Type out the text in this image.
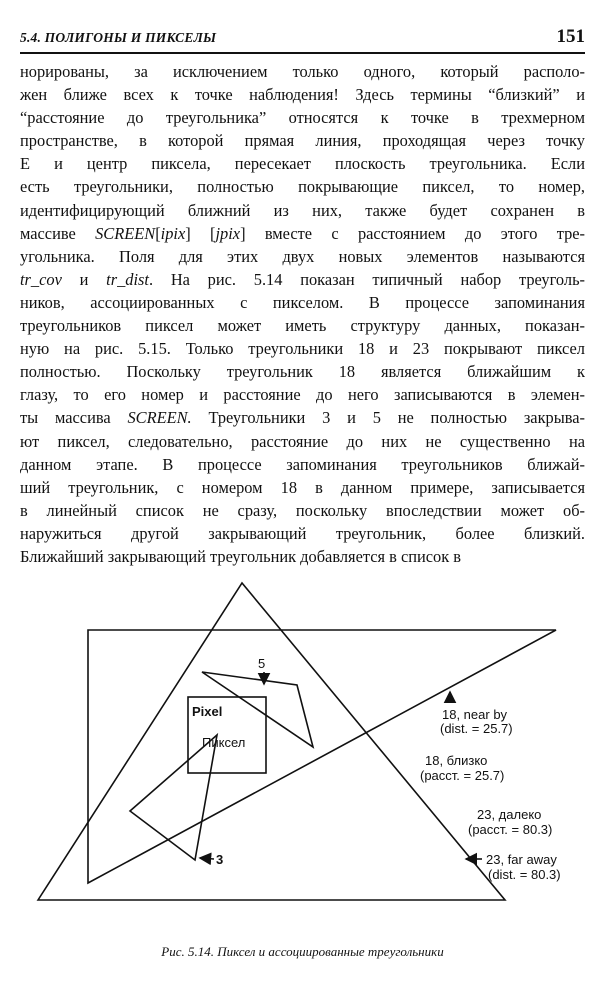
5.4. ПОЛИГОНЫ И ПИКСЕЛЫ	151
норированы, за исключением только одного, который располо-
жен ближе всех к точке наблюдения! Здесь термины “близкий” и
“расстояние до треугольника” относятся к точке в трехмерном
пространстве, в которой прямая линия, проходящая через точку
E и центр пиксела, пересекает плоскость треугольника. Если
есть треугольники, полностью покрывающие пиксел, то номер,
идентифицирующий ближний из них, также будет сохранен в
массиве SCREEN[ipix] [jpix] вместе с расстоянием до этого тре-
угольника. Поля для этих двух новых элементов называются
tr_cov и tr_dist. На рис. 5.14 показан типичный набор треуголь-
ников, ассоциированных с пикселом. В процессе запоминания
треугольников пиксел может иметь структуру данных, показан-
ную на рис. 5.15. Только треугольники 18 и 23 покрывают пиксел
полностью. Поскольку треугольник 18 является ближайшим к
глазу, то его номер и расстояние до него записываются в элемен-
ты массива SCREEN. Треугольники 3 и 5 не полностью закрыва-
ют пиксел, следовательно, расстояние до них не существенно на
данном этапе. В процессе запоминания треугольников ближай-
ший треугольник, с номером 18 в данном примере, записывается
в линейный список не сразу, поскольку впоследствии может об-
наружиться другой закрывающий треугольник, более близкий.
Ближайший закрывающий треугольник добавляется в список в
5
Pixel
Пиксел
3
18, near by
(dist. = 25.7)
18, близко
(расст. = 25.7)
23, далеко
(расст. = 80.3)
23, far away
(dist. = 80.3)
Рис. 5.14. Пиксел и ассоциированные треугольники
